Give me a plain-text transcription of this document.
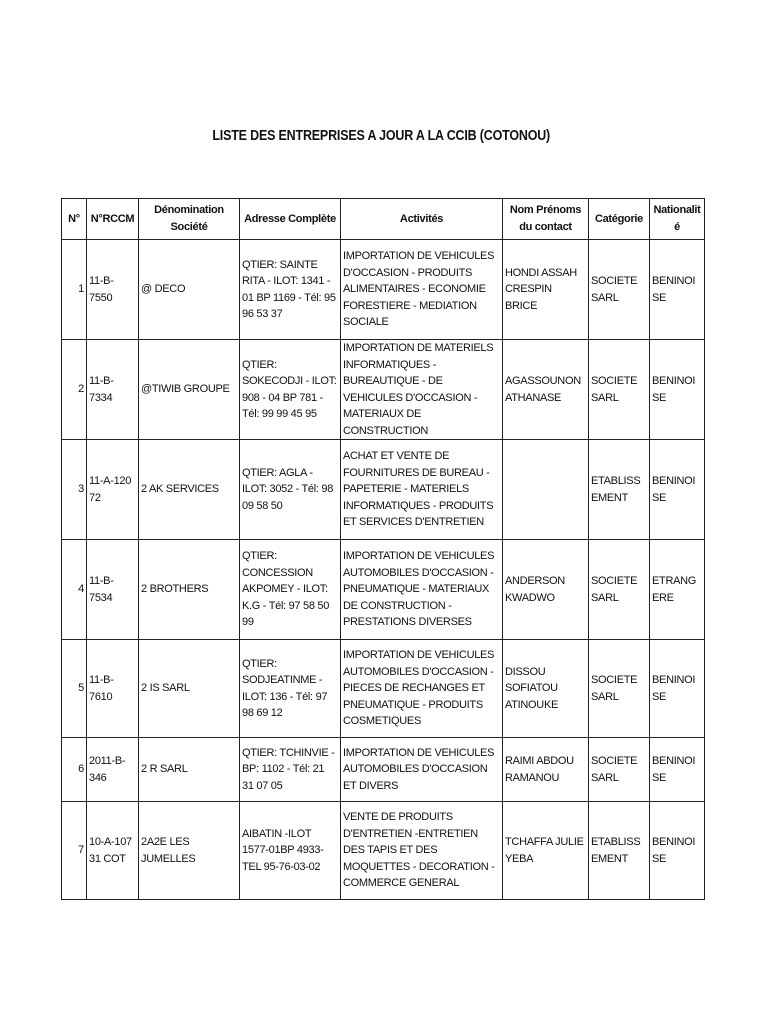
LISTE DES ENTREPRISES A JOUR A LA CCIB (COTONOU)
N°	N°RCCM	Dénomination Société	Adresse Complète	Activités	Nom Prénoms du contact	Catégorie	Nationalité
1	11-B-7550	@ DECO	QTIER: SAINTE RITA - ILOT: 1341 - 01 BP 1169 - Tél: 95 96 53 37	IMPORTATION DE VEHICULES D'OCCASION - PRODUITS ALIMENTAIRES - ECONOMIE FORESTIERE - MEDIATION SOCIALE	HONDI ASSAH CRESPIN BRICE	SOCIETE SARL	BENINOISE
2	11-B-7334	@TIWIB GROUPE	QTIER: SOKECODJI - ILOT: 908 - 04 BP 781 - Tél: 99 99 45 95	IMPORTATION DE MATERIELS INFORMATIQUES - BUREAUTIQUE - DE VEHICULES D'OCCASION - MATERIAUX DE CONSTRUCTION	AGASSOUNON ATHANASE	SOCIETE SARL	BENINOISE
3	11-A-12072	2 AK SERVICES	QTIER: AGLA - ILOT: 3052 - Tél: 98 09 58 50	ACHAT ET VENTE DE FOURNITURES DE BUREAU - PAPETERIE - MATERIELS INFORMATIQUES - PRODUITS ET SERVICES D'ENTRETIEN		ETABLISSEMENT	BENINOISE
4	11-B-7534	2 BROTHERS	QTIER: CONCESSION AKPOMEY - ILOT: K.G - Tél: 97 58 50 99	IMPORTATION DE VEHICULES AUTOMOBILES D'OCCASION - PNEUMATIQUE - MATERIAUX DE CONSTRUCTION - PRESTATIONS DIVERSES	ANDERSON KWADWO	SOCIETE SARL	ETRANGERE
5	11-B-7610	2 IS SARL	QTIER: SODJEATINME - ILOT: 136 - Tél: 97 98 69 12	IMPORTATION DE VEHICULES AUTOMOBILES D'OCCASION - PIECES DE RECHANGES ET PNEUMATIQUE - PRODUITS COSMETIQUES	DISSOU SOFIATOU ATINOUKE	SOCIETE SARL	BENINOISE
6	2011-B-346	2 R SARL	QTIER: TCHINVIE - BP: 1102 - Tél: 21 31 07 05	IMPORTATION DE VEHICULES AUTOMOBILES D'OCCASION ET DIVERS	RAIMI ABDOU RAMANOU	SOCIETE SARL	BENINOISE
7	10-A-10731 COT	2A2E LES JUMELLES	AIBATIN -ILOT 1577-01BP 4933-TEL 95-76-03-02	VENTE DE PRODUITS D'ENTRETIEN -ENTRETIEN DES TAPIS ET DES MOQUETTES - DECORATION -COMMERCE GENERAL	TCHAFFA JULIE YEBA	ETABLISSEMENT	BENINOISE
